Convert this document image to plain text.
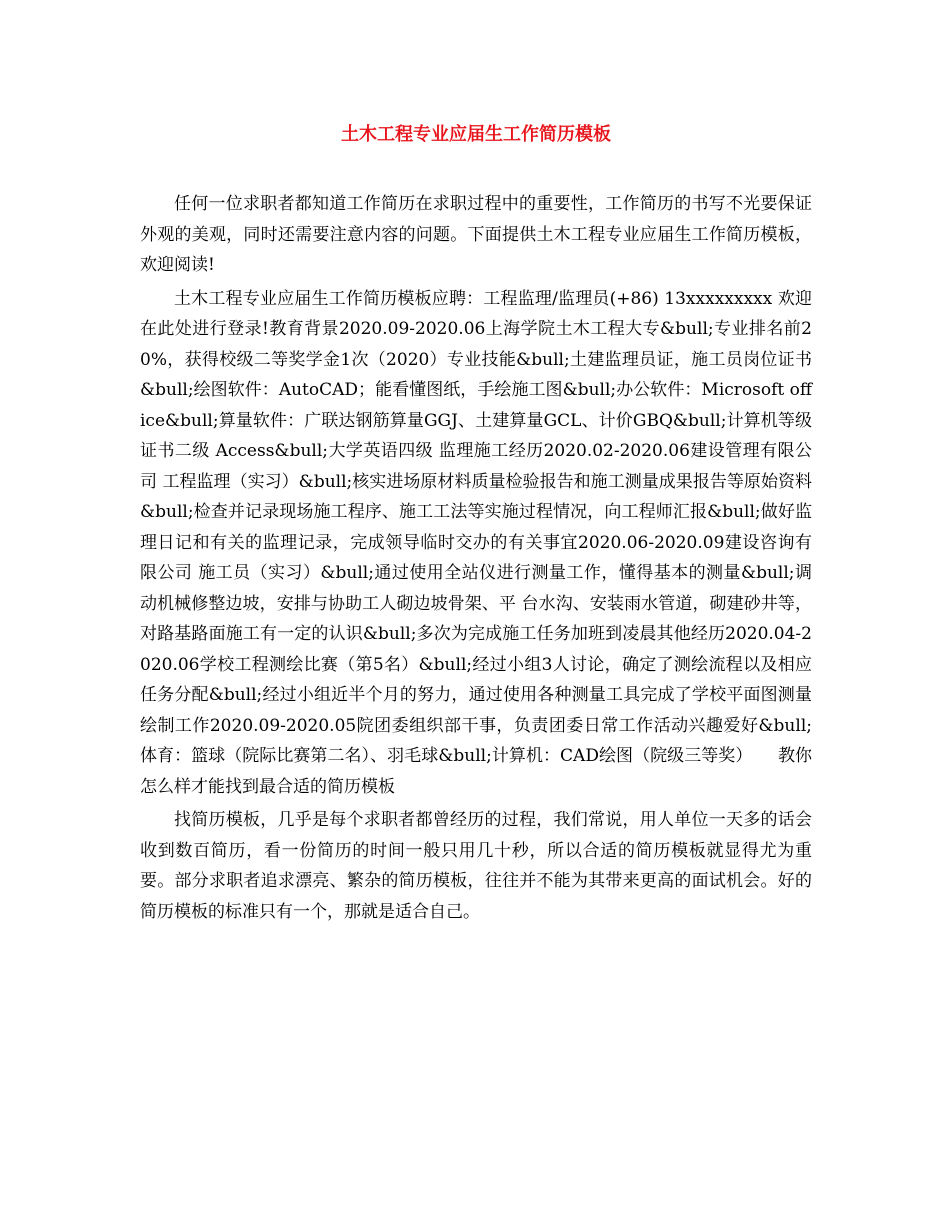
土木工程专业应届生工作简历模板

任何一位求职者都知道工作简历在求职过程中的重要性，工作简历的书写不光要保证外观的美观，同时还需要注意内容的问题。下面提供土木工程专业应届生工作简历模板，欢迎阅读!

土木工程专业应届生工作简历模板应聘：工程监理/监理员(+86) 13xxxxxxxxx 欢迎在此处进行登录!教育背景2020.09-2020.06上海学院土木工程大专&bull;专业排名前20%，获得校级二等奖学金1次（2020）专业技能&bull;土建监理员证，施工员岗位证书&bull;绘图软件：AutoCAD；能看懂图纸，手绘施工图&bull;办公软件：Microsoft office&bull;算量软件：广联达钢筋算量GGJ、土建算量GCL、计价GBQ&bull;计算机等级证书二级 Access&bull;大学英语四级 监理施工经历2020.02-2020.06建设管理有限公司 工程监理（实习）&bull;核实进场原材料质量检验报告和施工测量成果报告等原始资料&bull;检查并记录现场施工程序、施工工法等实施过程情况，向工程师汇报&bull;做好监理日记和有关的监理记录，完成领导临时交办的有关事宜2020.06-2020.09建设咨询有限公司 施工员（实习）&bull;通过使用全站仪进行测量工作，懂得基本的测量&bull;调动机械修整边坡，安排与协助工人砌边坡骨架、平 台水沟、安装雨水管道，砌建砂井等，对路基路面施工有一定的认识&bull;多次为完成施工任务加班到凌晨其他经历2020.04-2020.06学校工程测绘比赛（第5名）&bull;经过小组3人讨论，确定了测绘流程以及相应任务分配&bull;经过小组近半个月的努力，通过使用各种测量工具完成了学校平面图测量绘制工作2020.09-2020.05院团委组织部干事，负责团委日常工作活动兴趣爱好&bull;体育：篮球（院际比赛第二名）、羽毛球&bull;计算机：CAD绘图（院级三等奖）　　教你怎么样才能找到最合适的简历模板

找简历模板，几乎是每个求职者都曾经历的过程，我们常说，用人单位一天多的话会收到数百简历，看一份简历的时间一般只用几十秒，所以合适的简历模板就显得尤为重要。部分求职者追求漂亮、繁杂的简历模板，往往并不能为其带来更高的面试机会。好的简历模板的标准只有一个，那就是适合自己。
